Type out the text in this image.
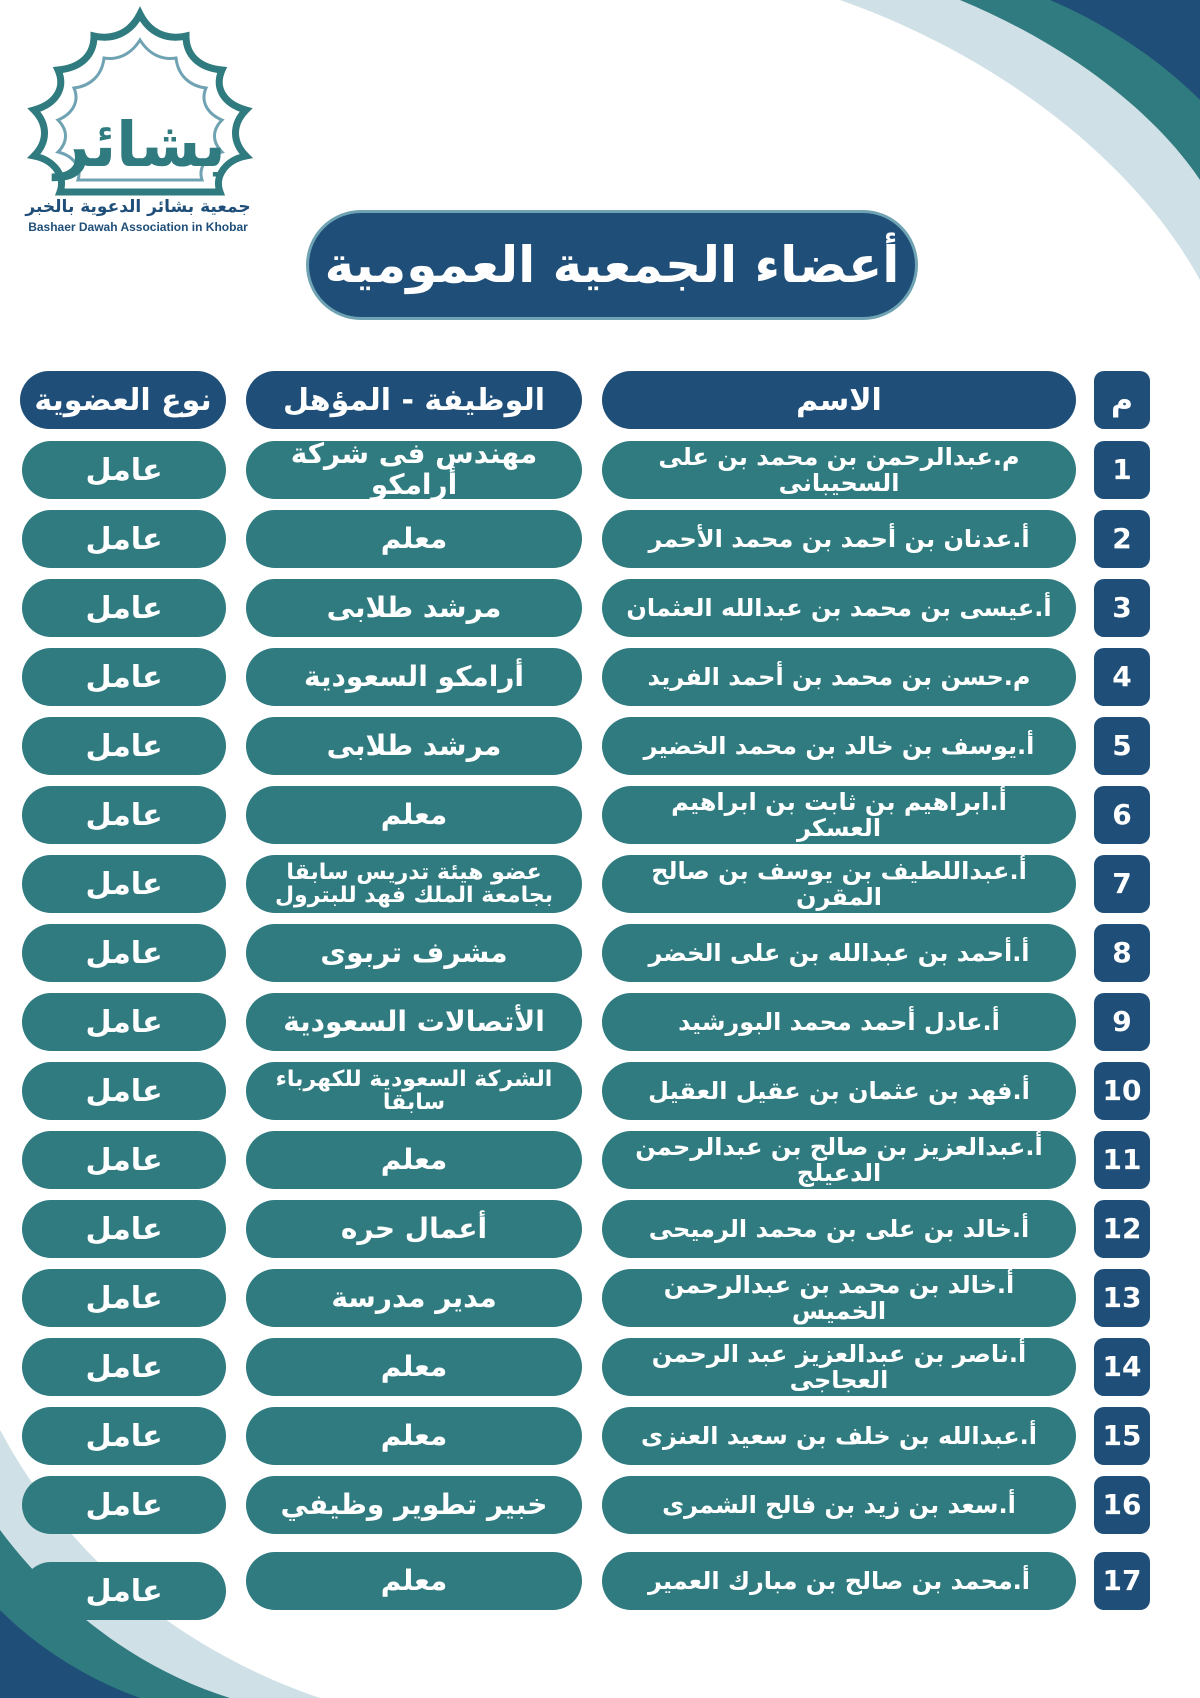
بشائر
جمعية بشائر الدعوية بالخبر
Bashaer Dawah Association in Khobar
أعضاء الجمعية العمومية
م
الاسم
الوظيفة - المؤهل
نوع العضوية
1
م.عبدالرحمن بن محمد بن على السحيبانى
مهندس فى شركة أرامكو
عامل
2
أ.عدنان بن أحمد بن محمد الأحمر
معلم
عامل
3
أ.عيسى بن محمد بن عبدالله العثمان
مرشد طلابى
عامل
4
م.حسن بن محمد بن أحمد الفريد
أرامكو السعودية
عامل
5
أ.يوسف بن خالد بن محمد الخضير
مرشد طلابى
عامل
6
أ.ابراهيم بن ثابت بن ابراهيم العسكر
معلم
عامل
7
أ.عبداللطيف بن يوسف بن صالح المقرن
عضو هيئة تدريس سابقا بجامعة الملك فهد للبترول
عامل
8
أ.أحمد بن عبدالله بن على الخضر
مشرف تربوى
عامل
9
أ.عادل أحمد محمد البورشيد
الأتصالات السعودية
عامل
10
أ.فهد بن عثمان بن عقيل العقيل
الشركة السعودية للكهرباء سابقا
عامل
11
أ.عبدالعزيز بن صالح بن عبدالرحمن الدعيلج
معلم
عامل
12
أ.خالد بن على بن محمد الرميحى
أعمال حره
عامل
13
أ.خالد بن محمد بن عبدالرحمن الخميس
مدير مدرسة
عامل
14
أ.ناصر بن عبدالعزيز عبد الرحمن العجاجى
معلم
عامل
15
أ.عبدالله بن خلف بن سعيد العنزى
معلم
عامل
16
أ.سعد بن زيد بن فالح الشمرى
خبير تطوير وظيفي
عامل
17
أ.محمد بن صالح بن مبارك العمير
معلم
عامل
